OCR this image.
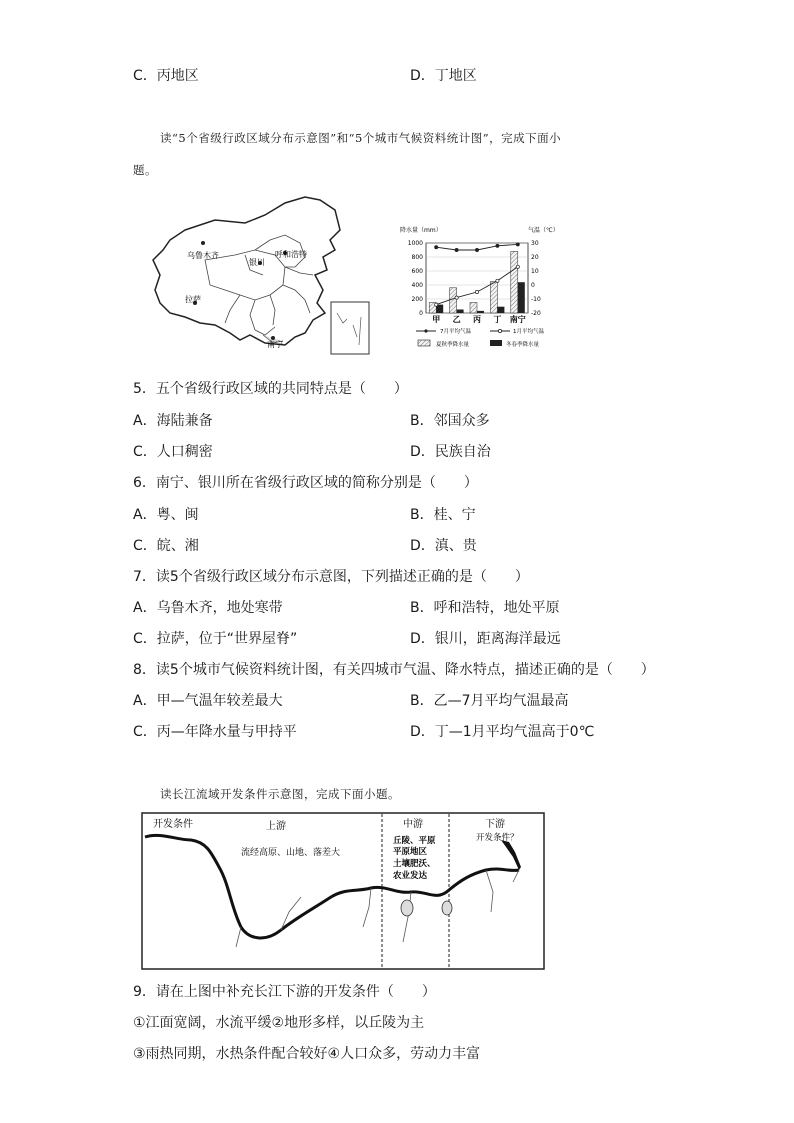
C．丙地区	D．丁地区
读“5个省级行政区域分布示意图”和“5个城市气候资料统计图”，完成下面小
题。
乌鲁木齐
银川
呼和浩特
拉萨
南宁
降水量（mm）	气温（℃）
1000
800
600
400
200
0
30
20
10
0
-10
-20
甲 乙 丙 丁 南宁
7月平均气温	1月平均气温
夏秋季降水量	冬春季降水量
5．五个省级行政区域的共同特点是（　　）
A．海陆兼备	B．邻国众多
C．人口稠密	D．民族自治
6．南宁、银川所在省级行政区域的简称分别是（　　）
A．粤、闽	B．桂、宁
C．皖、湘	D．滇、贵
7．读5个省级行政区域分布示意图，下列描述正确的是（　　）
A．乌鲁木齐，地处寒带	B．呼和浩特，地处平原
C．拉萨，位于“世界屋脊”	D．银川，距离海洋最远
8．读5个城市气候资料统计图，有关四城市气温、降水特点，描述正确的是（　　）
A．甲—气温年较差最大	B．乙—7月平均气温最高
C．丙—年降水量与甲持平	D．丁—1月平均气温高于0℃
读长江流域开发条件示意图，完成下面小题。
开发条件	上游
流经高原、山地、落差大
中游
丘陵、平原
平原地区
土壤肥沃、
农业发达
下游
开发条件？
9．请在上图中补充长江下游的开发条件（　　）
①江面宽阔，水流平缓②地形多样，以丘陵为主
③雨热同期，水热条件配合较好④人口众多，劳动力丰富
